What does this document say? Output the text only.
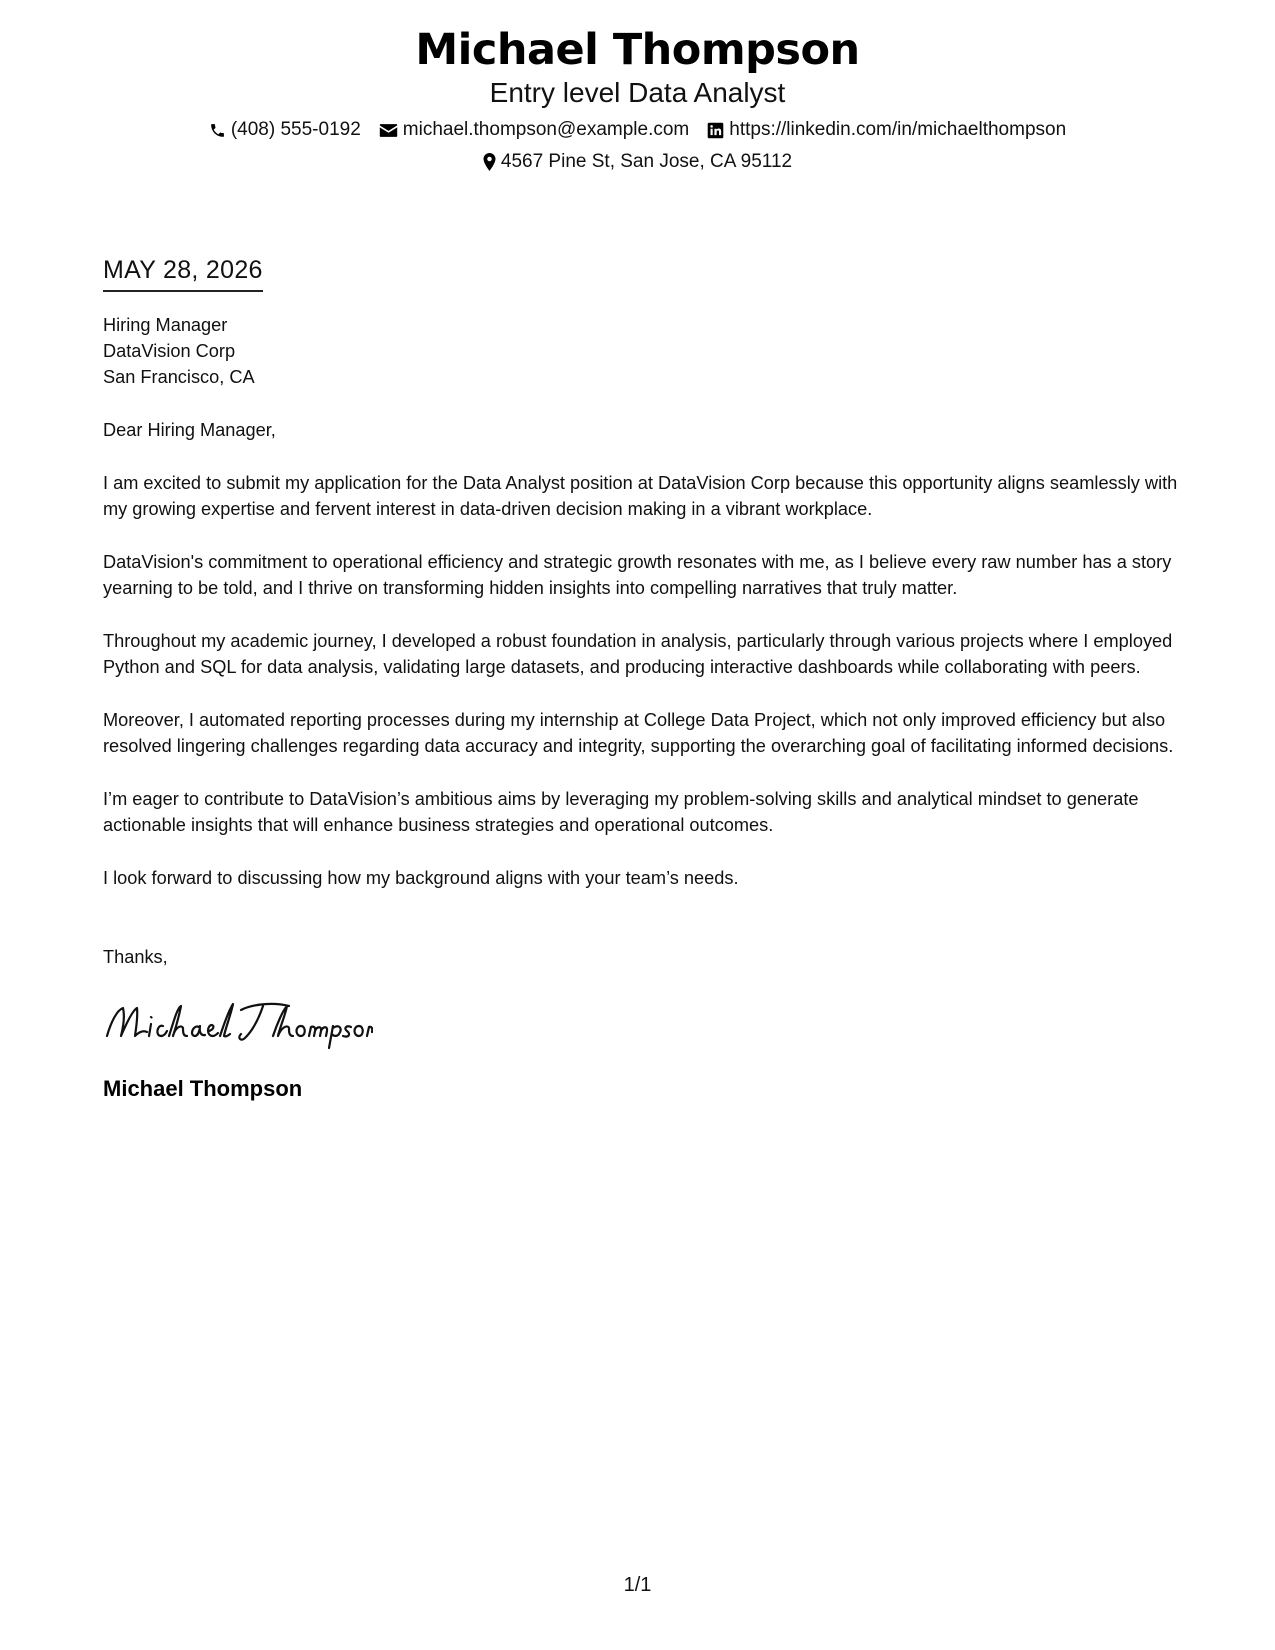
Michael Thompson
Entry level Data Analyst
(408) 555-0192 michael.thompson@example.com https://linkedin.com/in/michaelthompson
4567 Pine St, San Jose, CA 95112
MAY 28, 2026
Hiring Manager
DataVision Corp
San Francisco, CA
Dear Hiring Manager,

I am excited to submit my application for the Data Analyst position at DataVision Corp because this opportunity aligns seamlessly with my growing expertise and fervent interest in data-driven decision making in a vibrant workplace.

DataVision's commitment to operational efficiency and strategic growth resonates with me, as I believe every raw number has a story yearning to be told, and I thrive on transforming hidden insights into compelling narratives that truly matter.

Throughout my academic journey, I developed a robust foundation in analysis, particularly through various projects where I employed Python and SQL for data analysis, validating large datasets, and producing interactive dashboards while collaborating with peers.

Moreover, I automated reporting processes during my internship at College Data Project, which not only improved efficiency but also resolved lingering challenges regarding data accuracy and integrity, supporting the overarching goal of facilitating informed decisions.

I’m eager to contribute to DataVision’s ambitious aims by leveraging my problem-solving skills and analytical mindset to generate actionable insights that will enhance business strategies and operational outcomes.

I look forward to discussing how my background aligns with your team’s needs.

Thanks,
Michael Thompson
1/1
